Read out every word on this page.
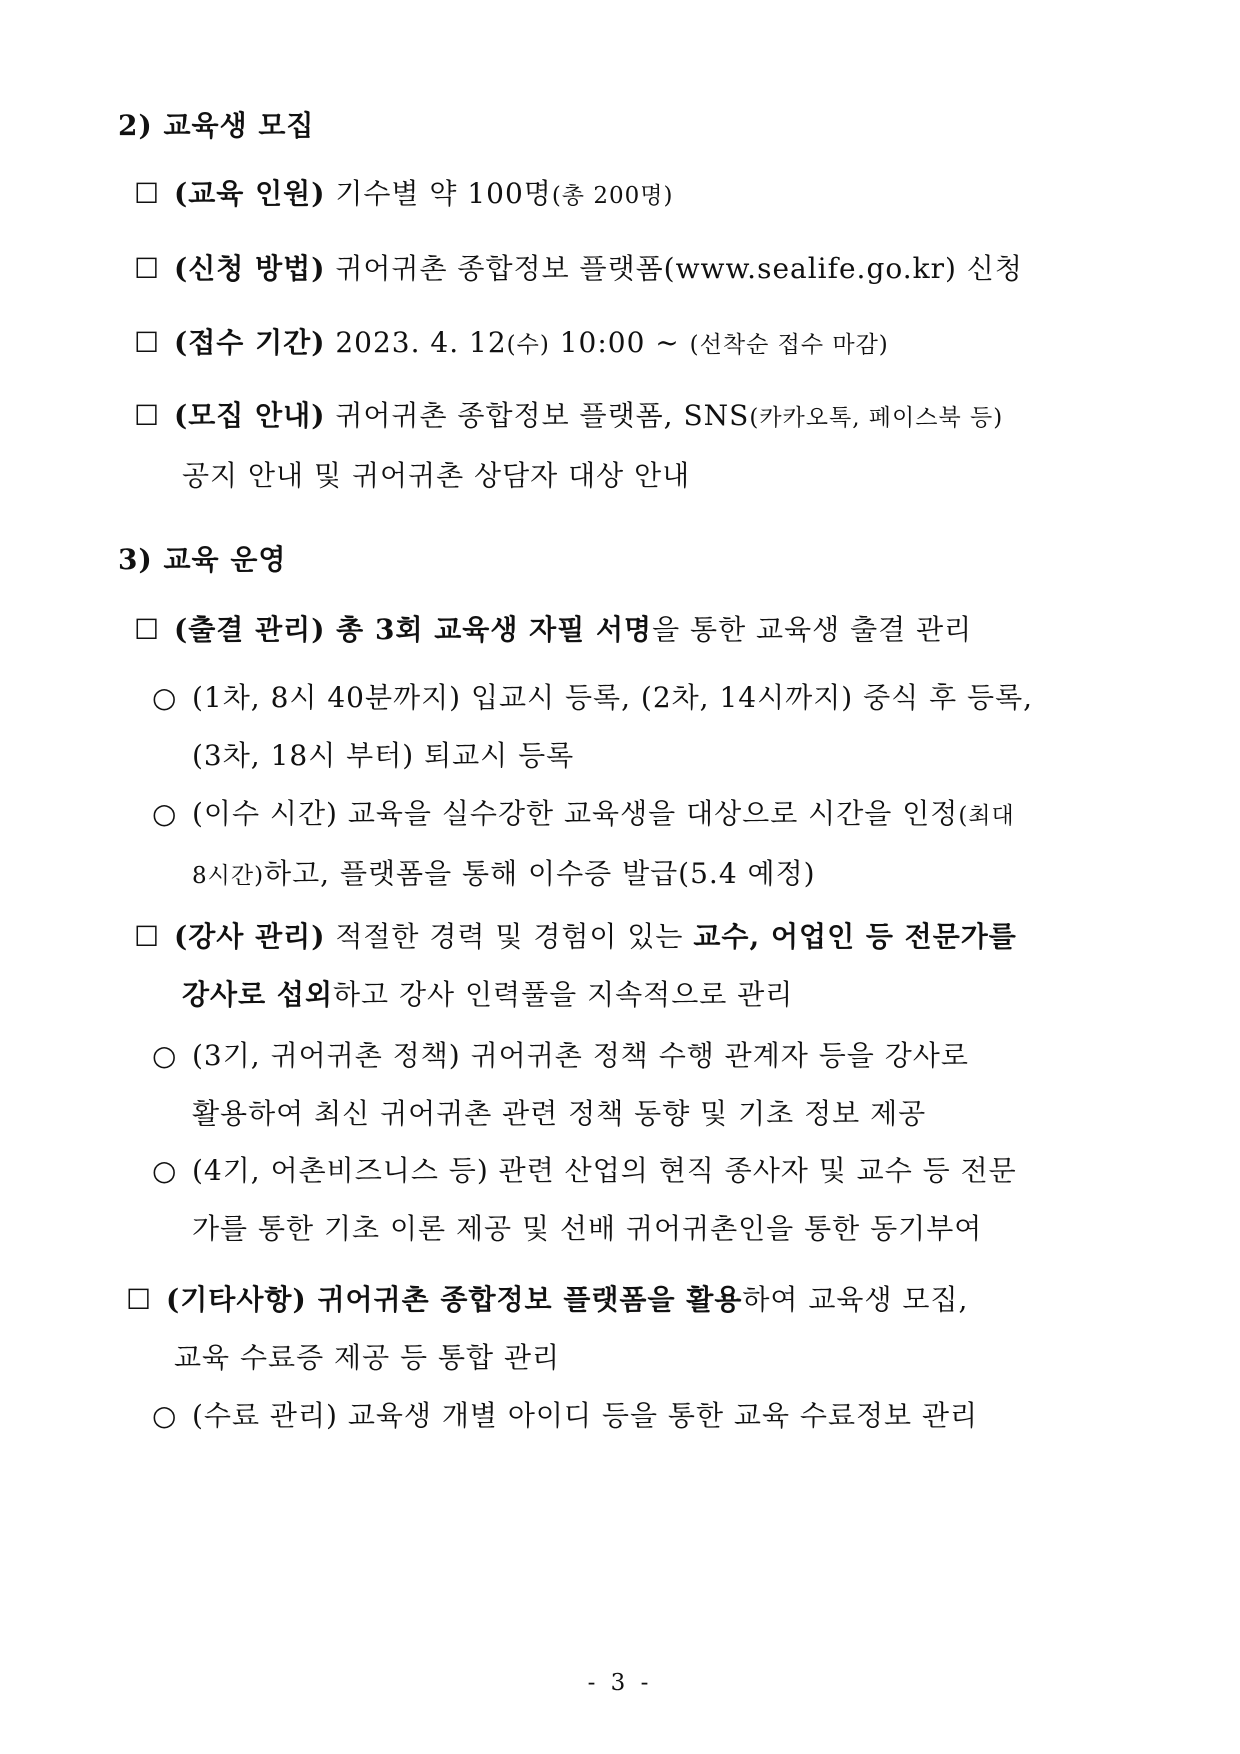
2) 교육생 모집
☐ (교육 인원) 기수별 약 100명(총 200명)
☐ (신청 방법) 귀어귀촌 종합정보 플랫폼(www.sealife.go.kr) 신청
☐ (접수 기간) 2023. 4. 12(수) 10:00 ~ (선착순 접수 마감)
☐ (모집 안내) 귀어귀촌 종합정보 플랫폼, SNS(카카오톡, 페이스북 등)
공지 안내 및 귀어귀촌 상담자 대상 안내
3) 교육 운영
☐ (출결 관리) 총 3회 교육생 자필 서명을 통한 교육생 출결 관리
○ (1차, 8시 40분까지) 입교시 등록, (2차, 14시까지) 중식 후 등록,
(3차, 18시 부터) 퇴교시 등록
○ (이수 시간) 교육을 실수강한 교육생을 대상으로 시간을 인정(최대
8시간)하고, 플랫폼을 통해 이수증 발급(5.4 예정)
☐ (강사 관리) 적절한 경력 및 경험이 있는 교수, 어업인 등 전문가를
강사로 섭외하고 강사 인력풀을 지속적으로 관리
○ (3기, 귀어귀촌 정책) 귀어귀촌 정책 수행 관계자 등을 강사로
활용하여 최신 귀어귀촌 관련 정책 동향 및 기초 정보 제공
○ (4기, 어촌비즈니스 등) 관련 산업의 현직 종사자 및 교수 등 전문
가를 통한 기초 이론 제공 및 선배 귀어귀촌인을 통한 동기부여
☐ (기타사항) 귀어귀촌 종합정보 플랫폼을 활용하여 교육생 모집,
교육 수료증 제공 등 통합 관리
○ (수료 관리) 교육생 개별 아이디 등을 통한 교육 수료정보 관리
- 3 -
